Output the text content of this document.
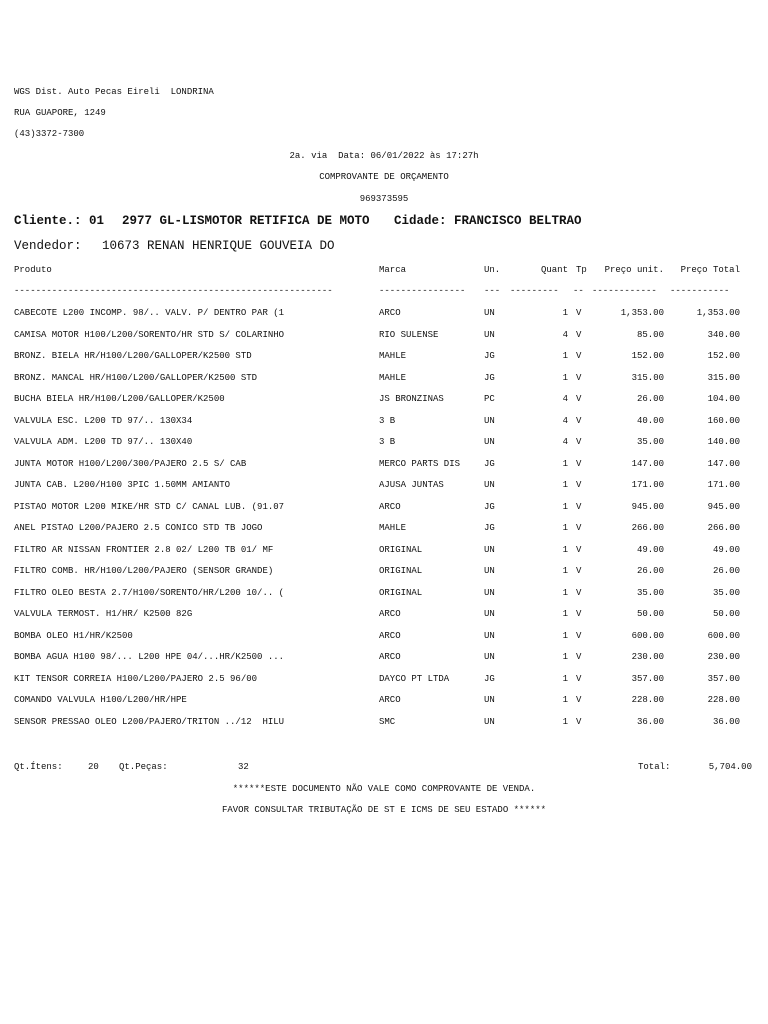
WGS Dist. Auto Pecas Eireli  LONDRINA
RUA GUAPORE, 1249
(43)3372-7300
2a. via  Data: 06/01/2022 às 17:27h
COMPROVANTE DE ORÇAMENTO
969373595
Cliente.: 01 2977 GL-LISMOTOR RETIFICA DE MOTO Cidade: FRANCISCO BELTRAO
Vendedor: 10673 RENAN HENRIQUE GOUVEIA DO
Produto	Marca	Un.	Quant Tp	Preço unit.	Preço Total
-----------------------------------------------------------	----------------	---	---------	-- ------------	-----------
CABECOTE L200 INCOMP. 98/.. VALV. P/ DENTRO PAR (1	ARCO	UN	1 V	1,353.00	1,353.00
CAMISA MOTOR H100/L200/SORENTO/HR STD S/ COLARINHO	RIO SULENSE	UN	4 V	85.00	340.00
BRONZ. BIELA HR/H100/L200/GALLOPER/K2500 STD	MAHLE	JG	1 V	152.00	152.00
BRONZ. MANCAL HR/H100/L200/GALLOPER/K2500 STD	MAHLE	JG	1 V	315.00	315.00
BUCHA BIELA HR/H100/L200/GALLOPER/K2500	JS BRONZINAS	PC	4 V	26.00	104.00
VALVULA ESC. L200 TD 97/.. 130X34	3 B	UN	4 V	40.00	160.00
VALVULA ADM. L200 TD 97/.. 130X40	3 B	UN	4 V	35.00	140.00
JUNTA MOTOR H100/L200/300/PAJERO 2.5 S/ CAB	MERCO PARTS DIS	JG	1 V	147.00	147.00
JUNTA CAB. L200/H100 3PIC 1.50MM AMIANTO	AJUSA JUNTAS	UN	1 V	171.00	171.00
PISTAO MOTOR L200 MIKE/HR STD C/ CANAL LUB. (91.07	ARCO	JG	1 V	945.00	945.00
ANEL PISTAO L200/PAJERO 2.5 CONICO STD TB JOGO	MAHLE	JG	1 V	266.00	266.00
FILTRO AR NISSAN FRONTIER 2.8 02/ L200 TB 01/ MF	ORIGINAL	UN	1 V	49.00	49.00
FILTRO COMB. HR/H100/L200/PAJERO (SENSOR GRANDE)	ORIGINAL	UN	1 V	26.00	26.00
FILTRO OLEO BESTA 2.7/H100/SORENTO/HR/L200 10/.. (	ORIGINAL	UN	1 V	35.00	35.00
VALVULA TERMOST. H1/HR/ K2500 82G	ARCO	UN	1 V	50.00	50.00
BOMBA OLEO H1/HR/K2500	ARCO	UN	1 V	600.00	600.00
BOMBA AGUA H100 98/... L200 HPE 04/...HR/K2500 ...	ARCO	UN	1 V	230.00	230.00
KIT TENSOR CORREIA H100/L200/PAJERO 2.5 96/00	DAYCO PT LTDA	JG	1 V	357.00	357.00
COMANDO VALVULA H100/L200/HR/HPE	ARCO	UN	1 V	228.00	228.00
SENSOR PRESSAO OLEO L200/PAJERO/TRITON ../12  HILU	SMC	UN	1 V	36.00	36.00
Qt.Ítens:	20 Qt.Peças:	32	Total:	5,704.00
******ESTE DOCUMENTO NÃO VALE COMO COMPROVANTE DE VENDA.
FAVOR CONSULTAR TRIBUTAÇÃO DE ST E ICMS DE SEU ESTADO ******
